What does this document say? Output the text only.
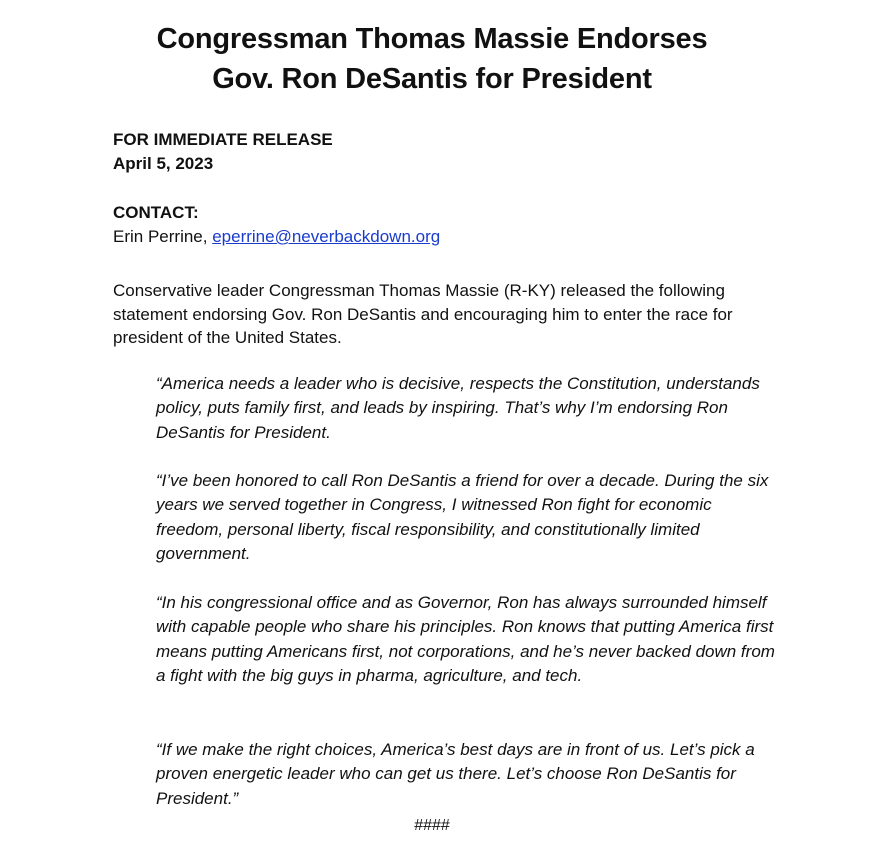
Congressman Thomas Massie Endorses
Gov. Ron DeSantis for President
FOR IMMEDIATE RELEASE
April 5, 2023
CONTACT:
Erin Perrine, eperrine@neverbackdown.org

Conservative leader Congressman Thomas Massie (R-KY) released the following statement endorsing Gov. Ron DeSantis and encouraging him to enter the race for president of the United States.

“America needs a leader who is decisive, respects the Constitution, understands policy, puts family first, and leads by inspiring. That’s why I’m endorsing Ron DeSantis for President.

“I’ve been honored to call Ron DeSantis a friend for over a decade. During the six years we served together in Congress, I witnessed Ron fight for economic freedom, personal liberty, fiscal responsibility, and constitutionally limited government.

“In his congressional office and as Governor, Ron has always surrounded himself with capable people who share his principles. Ron knows that putting America first means putting Americans first, not corporations, and he’s never backed down from a fight with the big guys in pharma, agriculture, and tech.

“If we make the right choices, America’s best days are in front of us. Let’s pick a proven energetic leader who can get us there. Let’s choose Ron DeSantis for President.”

####
